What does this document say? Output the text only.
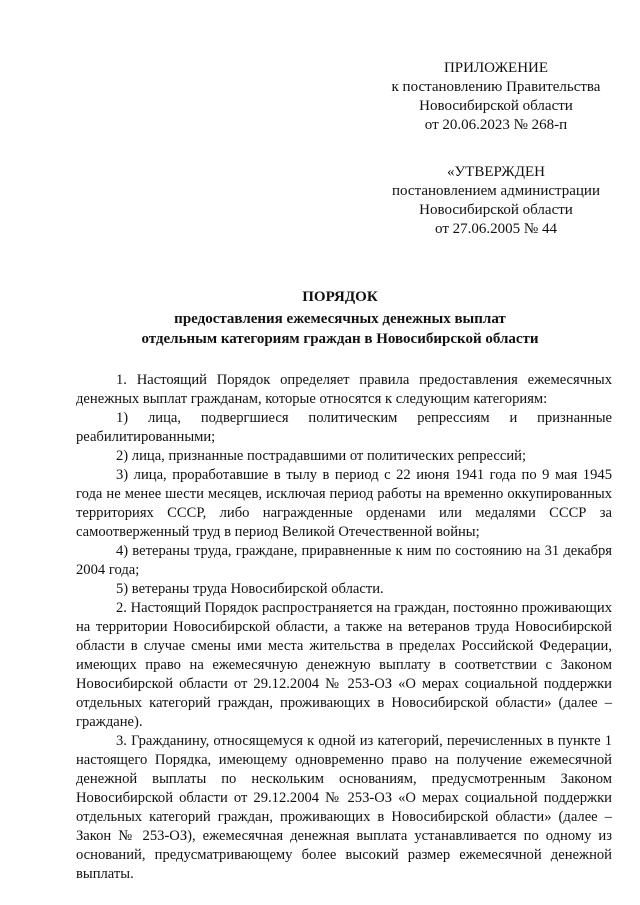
ПРИЛОЖЕНИЕ
к постановлению Правительства
Новосибирской области
от 20.06.2023 № 268-п
«УТВЕРЖДЕН
постановлением администрации
Новосибирской области
от 27.06.2005 № 44
ПОРЯДОК
предоставления ежемесячных денежных выплат
отдельным категориям граждан в Новосибирской области

1. Настоящий Порядок определяет правила предоставления ежемесячных денежных выплат гражданам, которые относятся к следующим категориям:

1) лица, подвергшиеся политическим репрессиям и признанные реабилитированными;

2) лица, признанные пострадавшими от политических репрессий;

3) лица, проработавшие в тылу в период с 22 июня 1941 года по 9 мая 1945 года не менее шести месяцев, исключая период работы на временно оккупированных территориях СССР, либо награжденные орденами или медалями СССР за самоотверженный труд в период Великой Отечественной войны;

4) ветераны труда, граждане, приравненные к ним по состоянию на 31 декабря 2004 года;

5) ветераны труда Новосибирской области.

2. Настоящий Порядок распространяется на граждан, постоянно проживающих на территории Новосибирской области, а также на ветеранов труда Новосибирской области в случае смены ими места жительства в пределах Российской Федерации, имеющих право на ежемесячную денежную выплату в соответствии с Законом Новосибирской области от 29.12.2004 № 253-ОЗ «О мерах социальной поддержки отдельных категорий граждан, проживающих в Новосибирской области» (далее – граждане).

3. Гражданину, относящемуся к одной из категорий, перечисленных в пункте 1 настоящего Порядка, имеющему одновременно право на получение ежемесячной денежной выплаты по нескольким основаниям, предусмотренным Законом Новосибирской области от 29.12.2004 № 253-ОЗ «О мерах социальной поддержки отдельных категорий граждан, проживающих в Новосибирской области» (далее – Закон № 253-ОЗ), ежемесячная денежная выплата устанавливается по одному из оснований, предусматривающему более высокий размер ежемесячной денежной выплаты.
